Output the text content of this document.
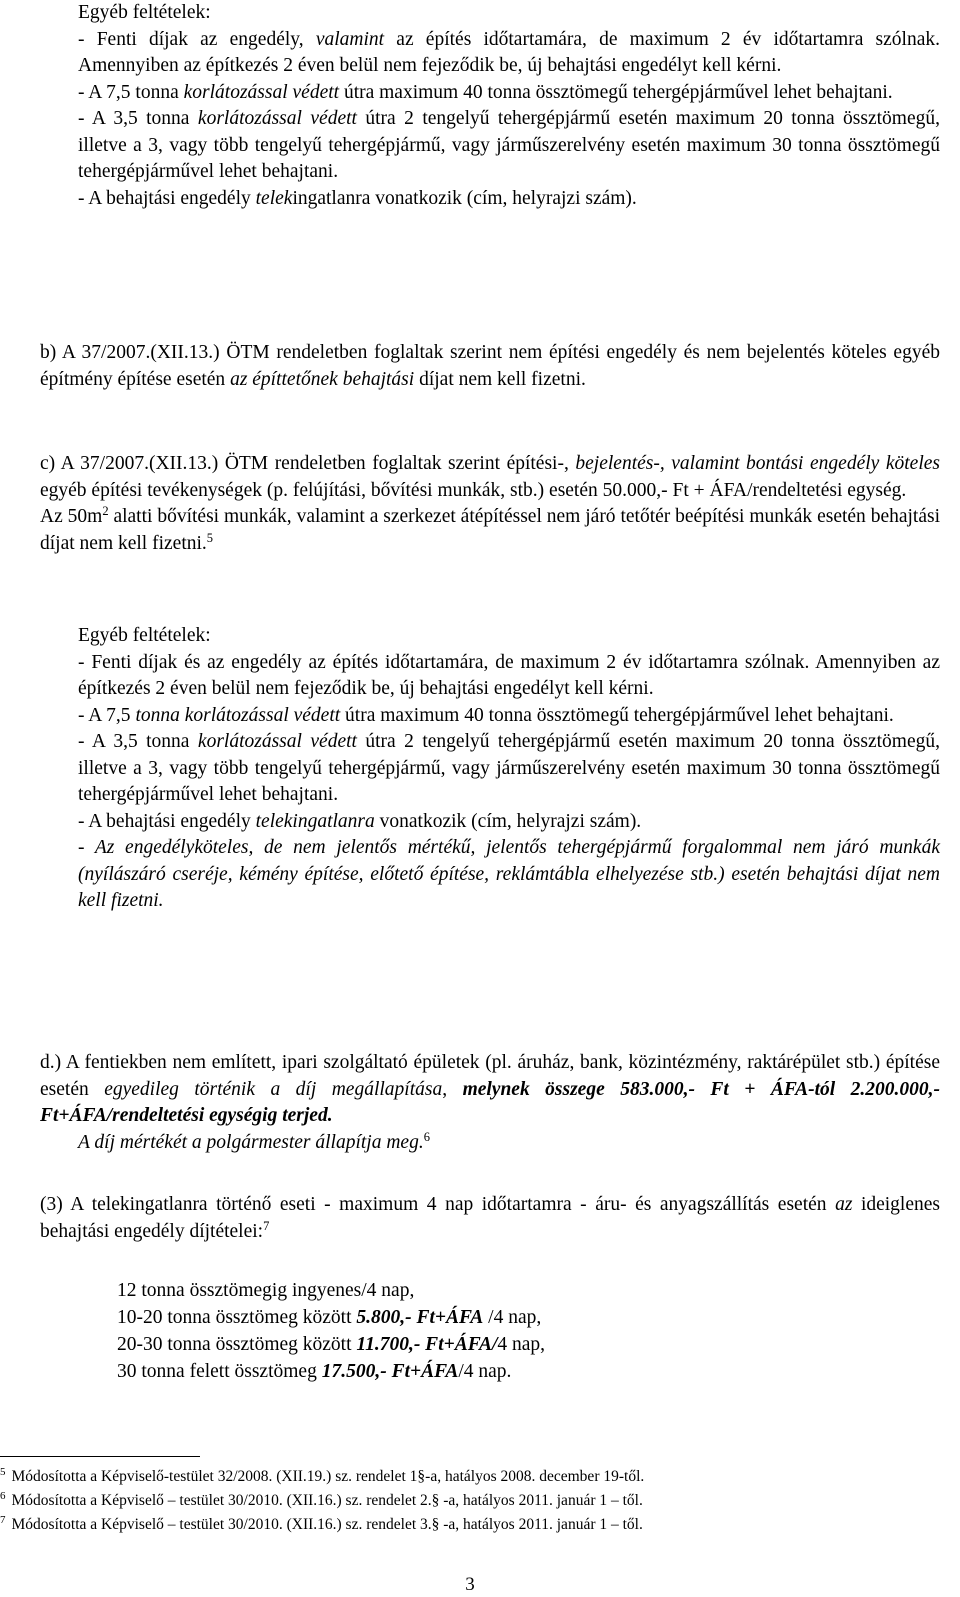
Egyéb feltételek:

- Fenti díjak az engedély, valamint az építés időtartamára, de maximum 2 év időtartamra szólnak. Amennyiben az építkezés 2 éven belül nem fejeződik be, új behajtási engedélyt kell kérni.

- A 7,5 tonna korlátozással védett útra maximum 40 tonna össztömegű tehergépjárművel lehet behajtani.

- A 3,5 tonna korlátozással védett útra 2 tengelyű tehergépjármű esetén maximum 20 tonna össztömegű, illetve a 3, vagy több tengelyű tehergépjármű, vagy járműszerelvény esetén maximum 30 tonna össztömegű tehergépjárművel lehet behajtani.

- A behajtási engedély telekingatlanra vonatkozik (cím, helyrajzi szám).

b) A 37/2007.(XII.13.) ÖTM rendeletben foglaltak szerint nem építési engedély és nem bejelentés köteles egyéb építmény építése esetén az építtetőnek behajtási díjat nem kell fizetni.

c) A 37/2007.(XII.13.) ÖTM rendeletben foglaltak szerint építési-, bejelentés-, valamint bontási engedély köteles egyéb építési tevékenységek (p. felújítási, bővítési munkák, stb.) esetén 50.000,- Ft + ÁFA/rendeltetési egység.

Az $50m^2$ alatti bővítési munkák, valamint a szerkezet átépítéssel nem járó tetőtér beépítési munkák esetén behajtási díjat nem kell fizetni.$^5$

Egyéb feltételek:

- Fenti díjak és az engedély az építés időtartamára, de maximum 2 év időtartamra szólnak. Amennyiben az építkezés 2 éven belül nem fejeződik be, új behajtási engedélyt kell kérni.

- A 7,5 tonna korlátozással védett útra maximum 40 tonna össztömegű tehergépjárművel lehet behajtani.

- A 3,5 tonna korlátozással védett útra 2 tengelyű tehergépjármű esetén maximum 20 tonna össztömegű, illetve a 3, vagy több tengelyű tehergépjármű, vagy járműszerelvény esetén maximum 30 tonna össztömegű tehergépjárművel lehet behajtani.

- A behajtási engedély telekingatlanra vonatkozik (cím, helyrajzi szám).

- Az engedélyköteles, de nem jelentős mértékű, jelentős tehergépjármű forgalommal nem járó munkák (nyílászáró cseréje, kémény építése, előtető építése, reklámtábla elhelyezése stb.) esetén behajtási díjat nem kell fizetni.

d.) A fentiekben nem említett, ipari szolgáltató épületek (pl. áruház, bank, közintézmény, raktárépület stb.) építése esetén egyedileg történik a díj megállapítása, melynek összege 583.000,- Ft + ÁFA-tól 2.200.000,- Ft+ÁFA/rendeltetési egységig terjed.

A díj mértékét a polgármester állapítja meg.$^6$

(3) A telekingatlanra történő eseti - maximum 4 nap időtartamra - áru- és anyagszállítás esetén az ideiglenes behajtási engedély díjtételei:$^7$

12 tonna össztömegig ingyenes/4 nap,

10-20 tonna össztömeg között 5.800,- Ft+ÁFA /4 nap,

20-30 tonna össztömeg között 11.700,- Ft+ÁFA/4 nap,

30 tonna felett össztömeg 17.500,- Ft+ÁFA/4 nap.

$^5$ Módosította a Képviselő-testület 32/2008. (XII.19.) sz. rendelet 1§-a, hatályos 2008. december 19-től.
$^6$ Módosította a Képviselő – testület 30/2010. (XII.16.) sz. rendelet 2.§ -a, hatályos 2011. január 1 – től.
$^7$ Módosította a Képviselő – testület 30/2010. (XII.16.) sz. rendelet 3.§ -a, hatályos 2011. január 1 – től.
3
